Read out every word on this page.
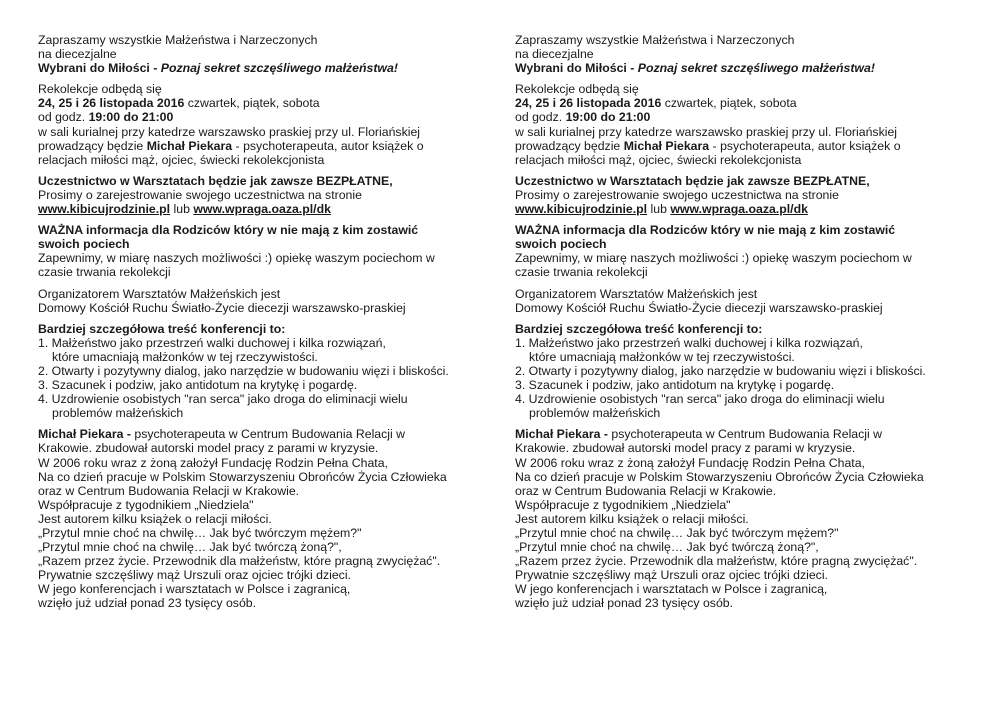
Zapraszamy wszystkie Małżeństwa i Narzeczonych
na diecezjalne
Wybrani do Miłości - Poznaj sekret szczęśliwego małżeństwa!
Rekolekcje odbędą się
24, 25 i 26 listopada 2016 czwartek, piątek, sobota
od godz. 19:00 do 21:00
w sali kurialnej przy katedrze warszawsko praskiej przy ul. Floriańskiej
prowadzący będzie Michał Piekara - psychoterapeuta, autor książek o
relacjach miłości mąż, ojciec, świecki rekolekcjonista
Uczestnictwo w Warsztatach będzie jak zawsze BEZPŁATNE,
Prosimy o zarejestrowanie swojego uczestnictwa na stronie
www.kibicujrodzinie.pl lub www.wpraga.oaza.pl/dk
WAŻNA informacja dla Rodziców który w nie mają z kim zostawić
swoich pociech
Zapewnimy, w miarę naszych możliwości :) opiekę waszym pociechom w
czasie trwania rekolekcji
Organizatorem Warsztatów Małżeńskich jest
Domowy Kościół Ruchu Światło-Życie diecezji warszawsko-praskiej
Bardziej szczegółowa treść konferencji to:
1. Małżeństwo jako przestrzeń walki duchowej i kilka rozwiązań,
które umacniają małżonków w tej rzeczywistości.
2. Otwarty i pozytywny dialog, jako narzędzie w budowaniu więzi i bliskości.
3. Szacunek i podziw, jako antidotum na krytykę i pogardę.
4. Uzdrowienie osobistych "ran serca" jako droga do eliminacji wielu
problemów małżeńskich
Michał Piekara - psychoterapeuta w Centrum Budowania Relacji w
Krakowie. zbudował autorski model pracy z parami w kryzysie.
W 2006 roku wraz z żoną założył Fundację Rodzin Pełna Chata,
Na co dzień pracuje w Polskim Stowarzyszeniu Obrońców Życia Człowieka
oraz w Centrum Budowania Relacji w Krakowie.
Współpracuje z tygodnikiem „Niedziela"
Jest autorem kilku książek o relacji miłości.
„Przytul mnie choć na chwilę… Jak być twórczym mężem?"
„Przytul mnie choć na chwilę… Jak być twórczą żoną?",
„Razem przez życie. Przewodnik dla małżeństw, które pragną zwyciężać".
Prywatnie szczęśliwy mąż Urszuli oraz ojciec trójki dzieci.
W jego konferencjach i warsztatach w Polsce i zagranicą,
wzięło już udział ponad 23 tysięcy osób.
Zapraszamy wszystkie Małżeństwa i Narzeczonych
na diecezjalne
Wybrani do Miłości - Poznaj sekret szczęśliwego małżeństwa!
Rekolekcje odbędą się
24, 25 i 26 listopada 2016 czwartek, piątek, sobota
od godz. 19:00 do 21:00
w sali kurialnej przy katedrze warszawsko praskiej przy ul. Floriańskiej
prowadzący będzie Michał Piekara - psychoterapeuta, autor książek o
relacjach miłości mąż, ojciec, świecki rekolekcjonista
Uczestnictwo w Warsztatach będzie jak zawsze BEZPŁATNE,
Prosimy o zarejestrowanie swojego uczestnictwa na stronie
www.kibicujrodzinie.pl lub www.wpraga.oaza.pl/dk
WAŻNA informacja dla Rodziców który w nie mają z kim zostawić
swoich pociech
Zapewnimy, w miarę naszych możliwości :) opiekę waszym pociechom w
czasie trwania rekolekcji
Organizatorem Warsztatów Małżeńskich jest
Domowy Kościół Ruchu Światło-Życie diecezji warszawsko-praskiej
Bardziej szczegółowa treść konferencji to:
1. Małżeństwo jako przestrzeń walki duchowej i kilka rozwiązań,
które umacniają małżonków w tej rzeczywistości.
2. Otwarty i pozytywny dialog, jako narzędzie w budowaniu więzi i bliskości.
3. Szacunek i podziw, jako antidotum na krytykę i pogardę.
4. Uzdrowienie osobistych "ran serca" jako droga do eliminacji wielu
problemów małżeńskich
Michał Piekara - psychoterapeuta w Centrum Budowania Relacji w
Krakowie. zbudował autorski model pracy z parami w kryzysie.
W 2006 roku wraz z żoną założył Fundację Rodzin Pełna Chata,
Na co dzień pracuje w Polskim Stowarzyszeniu Obrońców Życia Człowieka
oraz w Centrum Budowania Relacji w Krakowie.
Współpracuje z tygodnikiem „Niedziela"
Jest autorem kilku książek o relacji miłości.
„Przytul mnie choć na chwilę… Jak być twórczym mężem?"
„Przytul mnie choć na chwilę… Jak być twórczą żoną?",
„Razem przez życie. Przewodnik dla małżeństw, które pragną zwyciężać".
Prywatnie szczęśliwy mąż Urszuli oraz ojciec trójki dzieci.
W jego konferencjach i warsztatach w Polsce i zagranicą,
wzięło już udział ponad 23 tysięcy osób.
